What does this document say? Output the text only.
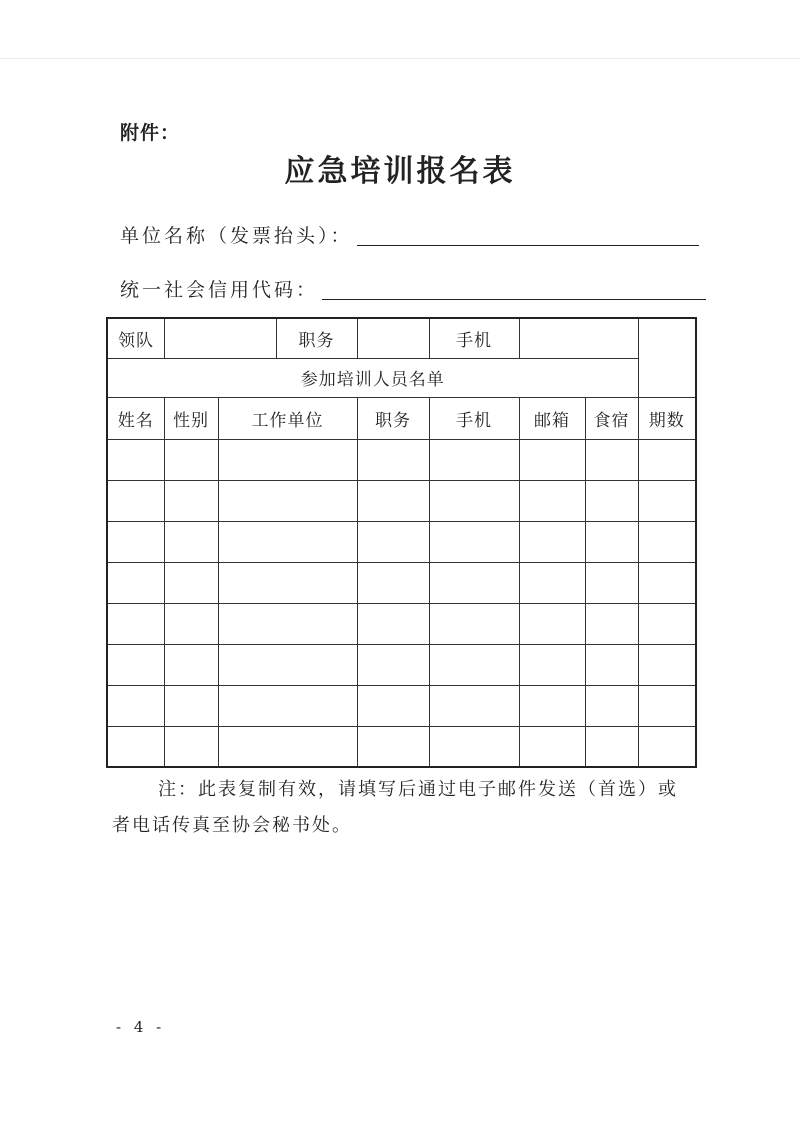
附件：
应急培训报名表
单位名称（发票抬头）：
统一社会信用代码：
领队			职务		手机			
参加培训人员名单								
姓名	性别	工作单位		职务	手机	邮箱	食宿	期数

注：此表复制有效，请填写后通过电子邮件发送（首选）或
者电话传真至协会秘书处。
- 4 -
